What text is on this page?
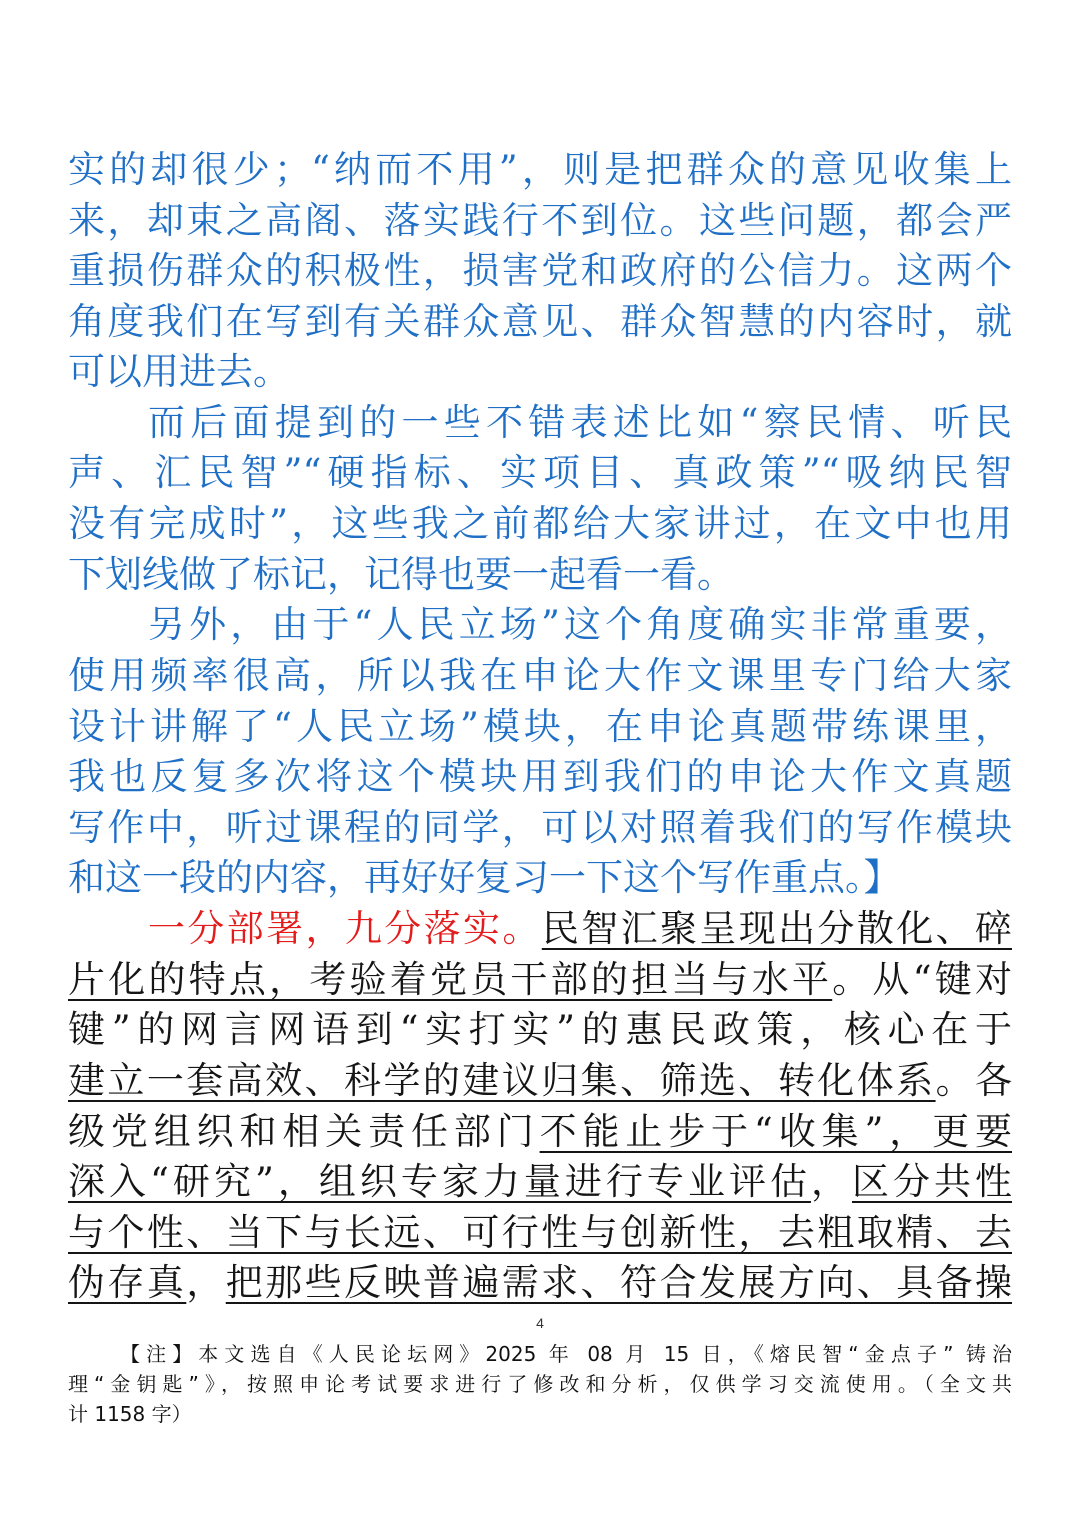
实的却很少；“纳而不用”，则是把群众的意见收集上
来，却束之高阁、落实践行不到位。这些问题，都会严
重损伤群众的积极性，损害党和政府的公信力。这两个
角度我们在写到有关群众意见、群众智慧的内容时，就
可以用进去。
而后面提到的一些不错表述比如“察民情、听民
声、汇民智”“硬指标、实项目、真政策”“吸纳民智
没有完成时”，这些我之前都给大家讲过，在文中也用
下划线做了标记，记得也要一起看一看。
另外，由于“人民立场”这个角度确实非常重要，
使用频率很高，所以我在申论大作文课里专门给大家
设计讲解了“人民立场”模块，在申论真题带练课里，
我也反复多次将这个模块用到我们的申论大作文真题
写作中，听过课程的同学，可以对照着我们的写作模块
和这一段的内容，再好好复习一下这个写作重点。】
一分部署，九分落实。民智汇聚呈现出分散化、碎
片化的特点，考验着党员干部的担当与水平。从“键对
键”的网言网语到“实打实”的惠民政策，核心在于
建立一套高效、科学的建议归集、筛选、转化体系。各
级党组织和相关责任部门不能止步于“收集”，更要
深入“研究”，组织专家力量进行专业评估，区分共性
与个性、当下与长远、可行性与创新性，去粗取精、去
伪存真，把那些反映普遍需求、符合发展方向、具备操
4
【注】本文选自《人民论坛网》2025 年 08 月 15 日，《熔民智“金点子” 铸治
理“金钥匙”》，按照申论考试要求进行了修改和分析，仅供学习交流使用。（全文共
计 1158 字）
